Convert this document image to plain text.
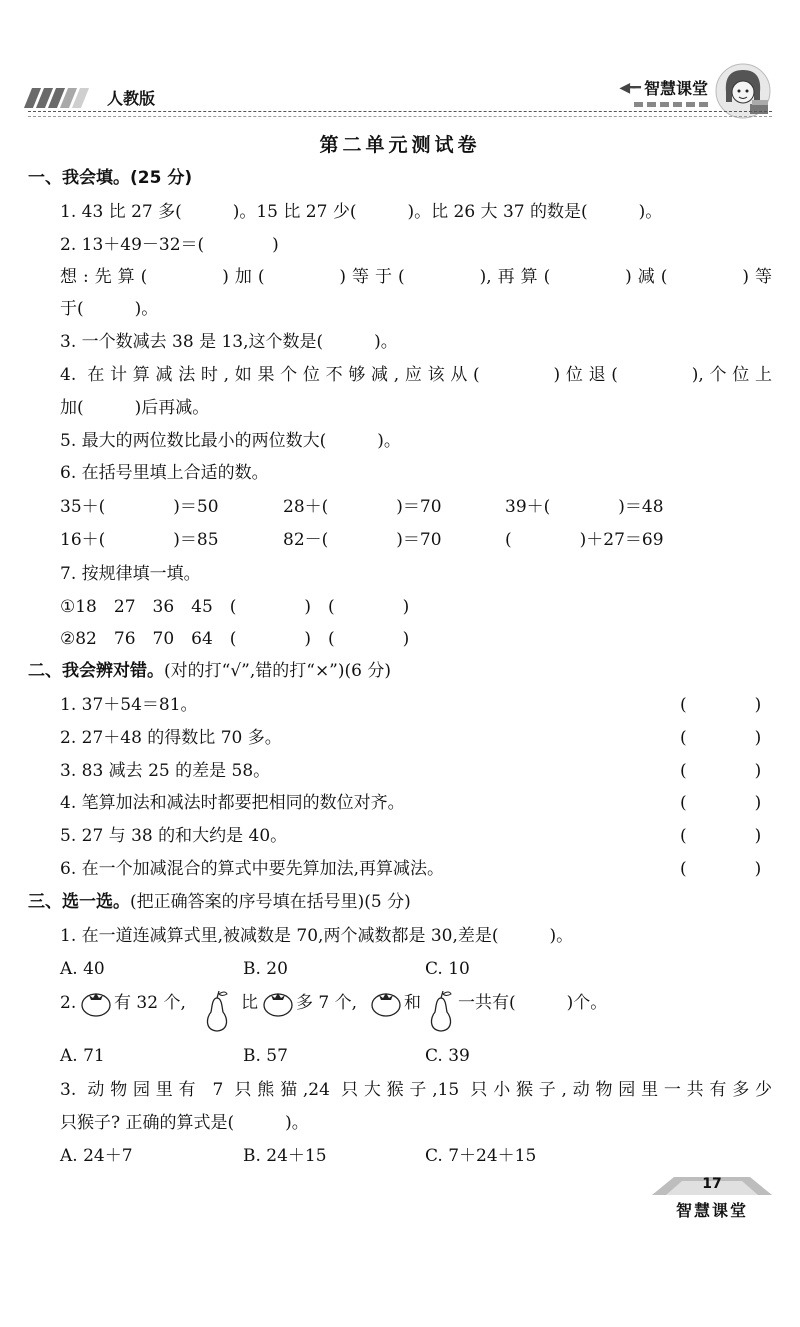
人教版
◀━━ 智慧课堂
第二单元测试卷
一、我会填。(25 分)
1. 43 比 27 多(　　　)。15 比 27 少(　　　)。比 26 大 37 的数是(　　　)。
2. 13＋49－32＝(　　　　)
想:先算(　　　)加(　　　)等于(　　　),再算(　　　)减(　　　)等
于(　　　)。
3. 一个数减去 38 是 13,这个数是(　　　)。
4. 在计算减法时,如果个位不够减,应该从(　　　)位退(　　　),个位上
加(　　　)后再减。
5. 最大的两位数比最小的两位数大(　　　)。
6. 在括号里填上合适的数。
35＋(　　　　)＝50	28＋(　　　　)＝70	39＋(　　　　)＝48
16＋(　　　　)＝85	82－(　　　　)＝70	(　　　　)＋27＝69
7. 按规律填一填。
①18　27　36　45　(　　　　)　(　　　　)
②82　76　70　64　(　　　　)　(　　　　)
二、我会辨对错。(对的打“√”,错的打“×”)(6 分)
1. 37＋54＝81。	(　　　　)
2. 27＋48 的得数比 70 多。	(　　　　)
3. 83 减去 25 的差是 58。	(　　　　)
4. 笔算加法和减法时都要把相同的数位对齐。	(　　　　)
5. 27 与 38 的和大约是 40。	(　　　　)
6. 在一个加减混合的算式中要先算加法,再算减法。	(　　　　)
三、选一选。(把正确答案的序号填在括号里)(5 分)
1. 在一道连减算式里,被减数是 70,两个减数都是 30,差是(　　　)。
A. 40	B. 20	C. 10
2. 有 32 个,	比 多 7 个,	和 一共有(　　　)个。
A. 71	B. 57	C. 39
3. 动物园里有 7 只熊猫,24 只大猴子,15 只小猴子,动物园里一共有多少
只猴子? 正确的算式是(　　　)。
A. 24＋7	B. 24＋15	C. 7＋24＋15
17
智慧课堂
